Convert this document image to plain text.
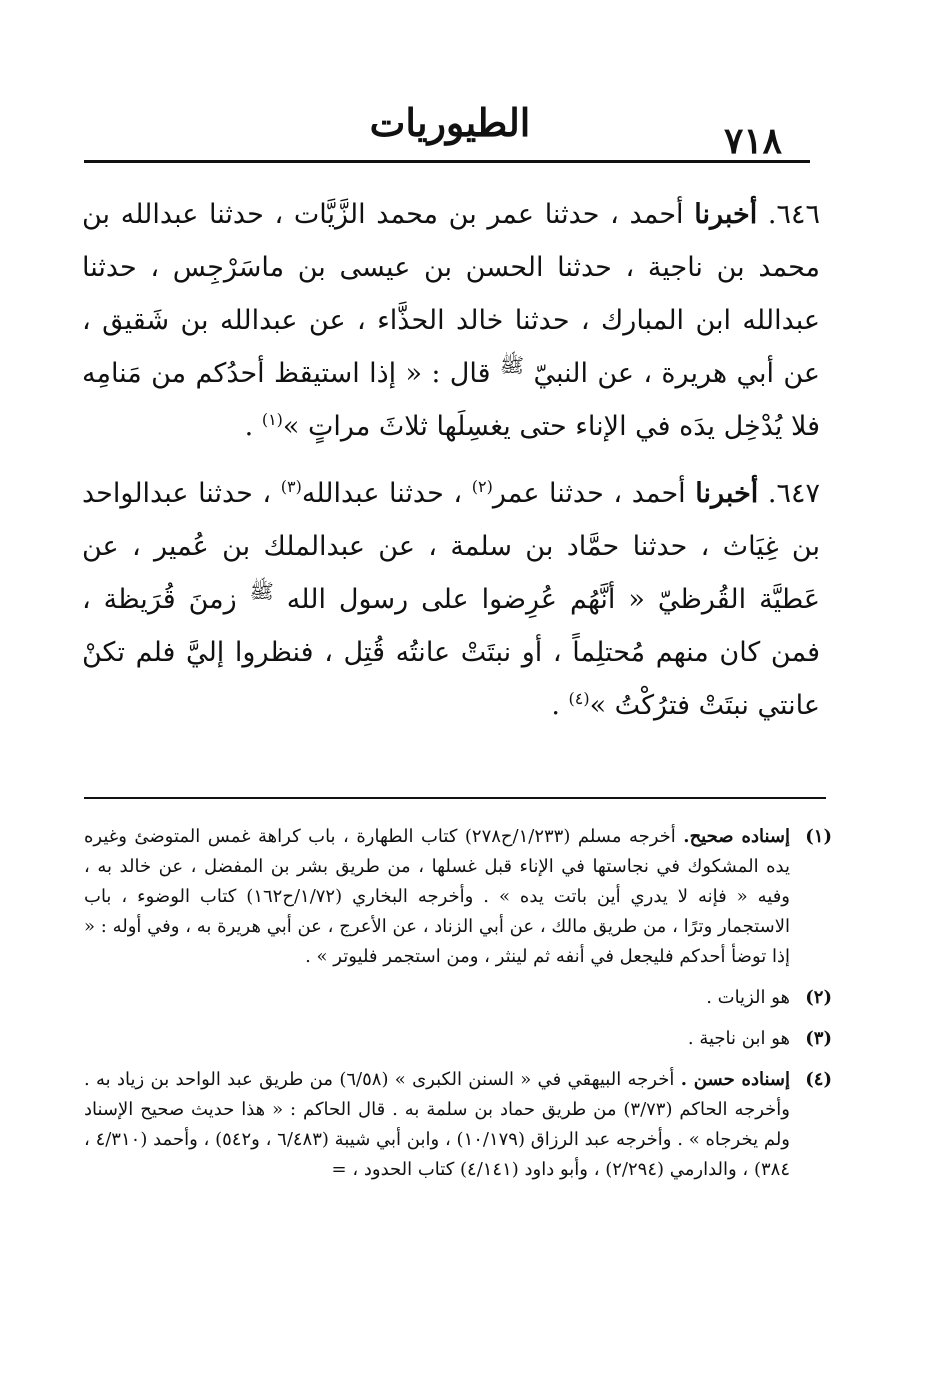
٧١٨
الطيوريات

٦٤٦. أخبرنا أحمد ، حدثنا عمر بن محمد الزَّيَّات ، حدثنا عبدالله بن محمد بن ناجية ، حدثنا الحسن بن عيسى بن ماسَرْجِس ، حدثنا عبدالله ابن المبارك ، حدثنا خالد الحذَّاء ، عن عبدالله بن شَقيق ، عن أبي هريرة ، عن النبيّ $^ﷺ$ قال : « إذا استيقظ أحدُكم من مَنامِه فلا يُدْخِل يدَه في الإناء حتى يغسِلَها ثلاثَ مراتٍ »$^{(١)}$ .

٦٤٧. أخبرنا أحمد ، حدثنا عمر$^{(٢)}$ ، حدثنا عبدالله$^{(٣)}$ ، حدثنا عبدالواحد بن غِيَاث ، حدثنا حمَّاد بن سلمة ، عن عبدالملك بن عُمير ، عن عَطيَّة القُرظيّ « أنَّهُم عُرِضوا على رسول الله $^ﷺ$ زمنَ قُرَيظة ، فمن كان منهم مُحتلِماً ، أو نبتَتْ عانتُه قُتِل ، فنظروا إليَّ فلم تكنْ عانتي نبتَتْ فترُكْتُ »$^{(٤)}$ .

(١)
إسناده صحيح. أخرجه مسلم (١/٢٣٣/ح٢٧٨) كتاب الطهارة ، باب كراهة غمس المتوضئ وغيره يده المشكوك في نجاستها في الإناء قبل غسلها ، من طريق بشر بن المفضل ، عن خالد به ، وفيه « فإنه لا يدري أين باتت يده » . وأخرجه البخاري (١/٧٢/ح١٦٢) كتاب الوضوء ، باب الاستجمار وترًا ، من طريق مالك ، عن أبي الزناد ، عن الأعرج ، عن أبي هريرة به ، وفي أوله : « إذا توضأ أحدكم فليجعل في أنفه ثم لينثر ، ومن استجمر فليوتر » .
(٢)
هو الزيات .
(٣)
هو ابن ناجية .
(٤)
إسناده حسن . أخرجه البيهقي في « السنن الكبرى » (٦/٥٨) من طريق عبد الواحد بن زياد به . وأخرجه الحاكم (٣/٧٣) من طريق حماد بن سلمة به . قال الحاكم : « هذا حديث صحيح الإسناد ولم يخرجاه » . وأخرجه عبد الرزاق (١٠/١٧٩) ، وابن أبي شيبة (٦/٤٨٣ ، و٥٤٢) ، وأحمد (٤/٣١٠ ، ٣٨٤) ، والدارمي (٢/٢٩٤) ، وأبو داود (٤/١٤١) كتاب الحدود ، =
